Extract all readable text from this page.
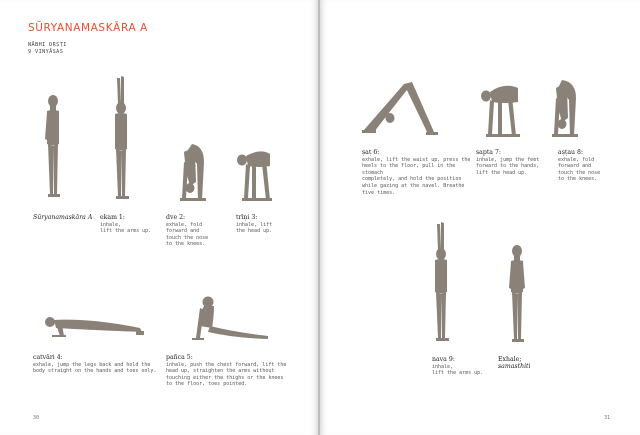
SŪRYANAMASKĀRA A
NĀBHI DṚṢṬI
9 VINYĀSAS
Sūryanamaskāra A ekam 1:
inhale,
lift the arms up.
dve 2:
exhale, fold
forward and
touch the nose
to the knees.
trīṇi 3:
inhale, lift
the head up.
catvāri 4:
exhale, jump the legs back and hold the
body straight on the hands and toes only.
pañca 5:
inhale, push the chest forward, lift the
head up, straighten the arms without
touching either the thighs or the knees
to the floor, toes pointed.
30
ṣaṭ 6:
exhale, lift the waist up, press the
heels to the floor, pull in the stomach
completely, and hold the position
while gazing at the navel. Breathe
five times.
sapta 7:
inhale, jump the feet
forward to the hands,
lift the head up.
aṣṭau 8:
exhale, fold
forward and
touch the nose
to the knees.
nava 9:
inhale,
lift the arms up.
Exhale;
samasthiti
31
